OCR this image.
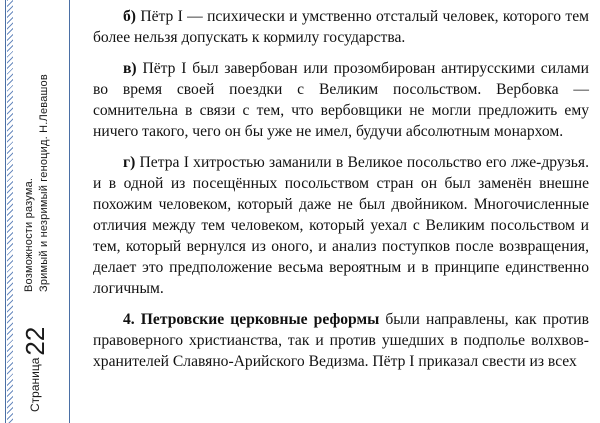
Возможности разума. Зримый и незримый геноцид. Н.Левашов
Страница22

б) Пётр I — психически и умственно отсталый человек, которого тем более нельзя допускать к кормилу государства.

в) Пётр I был завербован или прозомбирован антирусскими силами во время своей поездки с Великим посольством. Вербовка — сомнительна в связи с тем, что вербовщики не могли предложить ему ничего такого, чего он бы уже не имел, будучи абсолютным монархом.

г) Петра I хитростью заманили в Великое посольство его лже-друзья. и в одной из посещённых посольством стран он был заменён внешне похожим человеком, который даже не был двойником. Многочисленные отличия между тем человеком, который уехал с Великим посольством и тем, который вернулся из оного, и анализ поступков после возвращения, делает это предположение весьма вероятным и в принципе единственно логичным.

4. Петровские церковные реформы были направлены, как против правоверного христианства, так и против ушедших в подполье волхвов-хранителей Славяно-Арийского Ведизма. Пётр I приказал свести из всех
